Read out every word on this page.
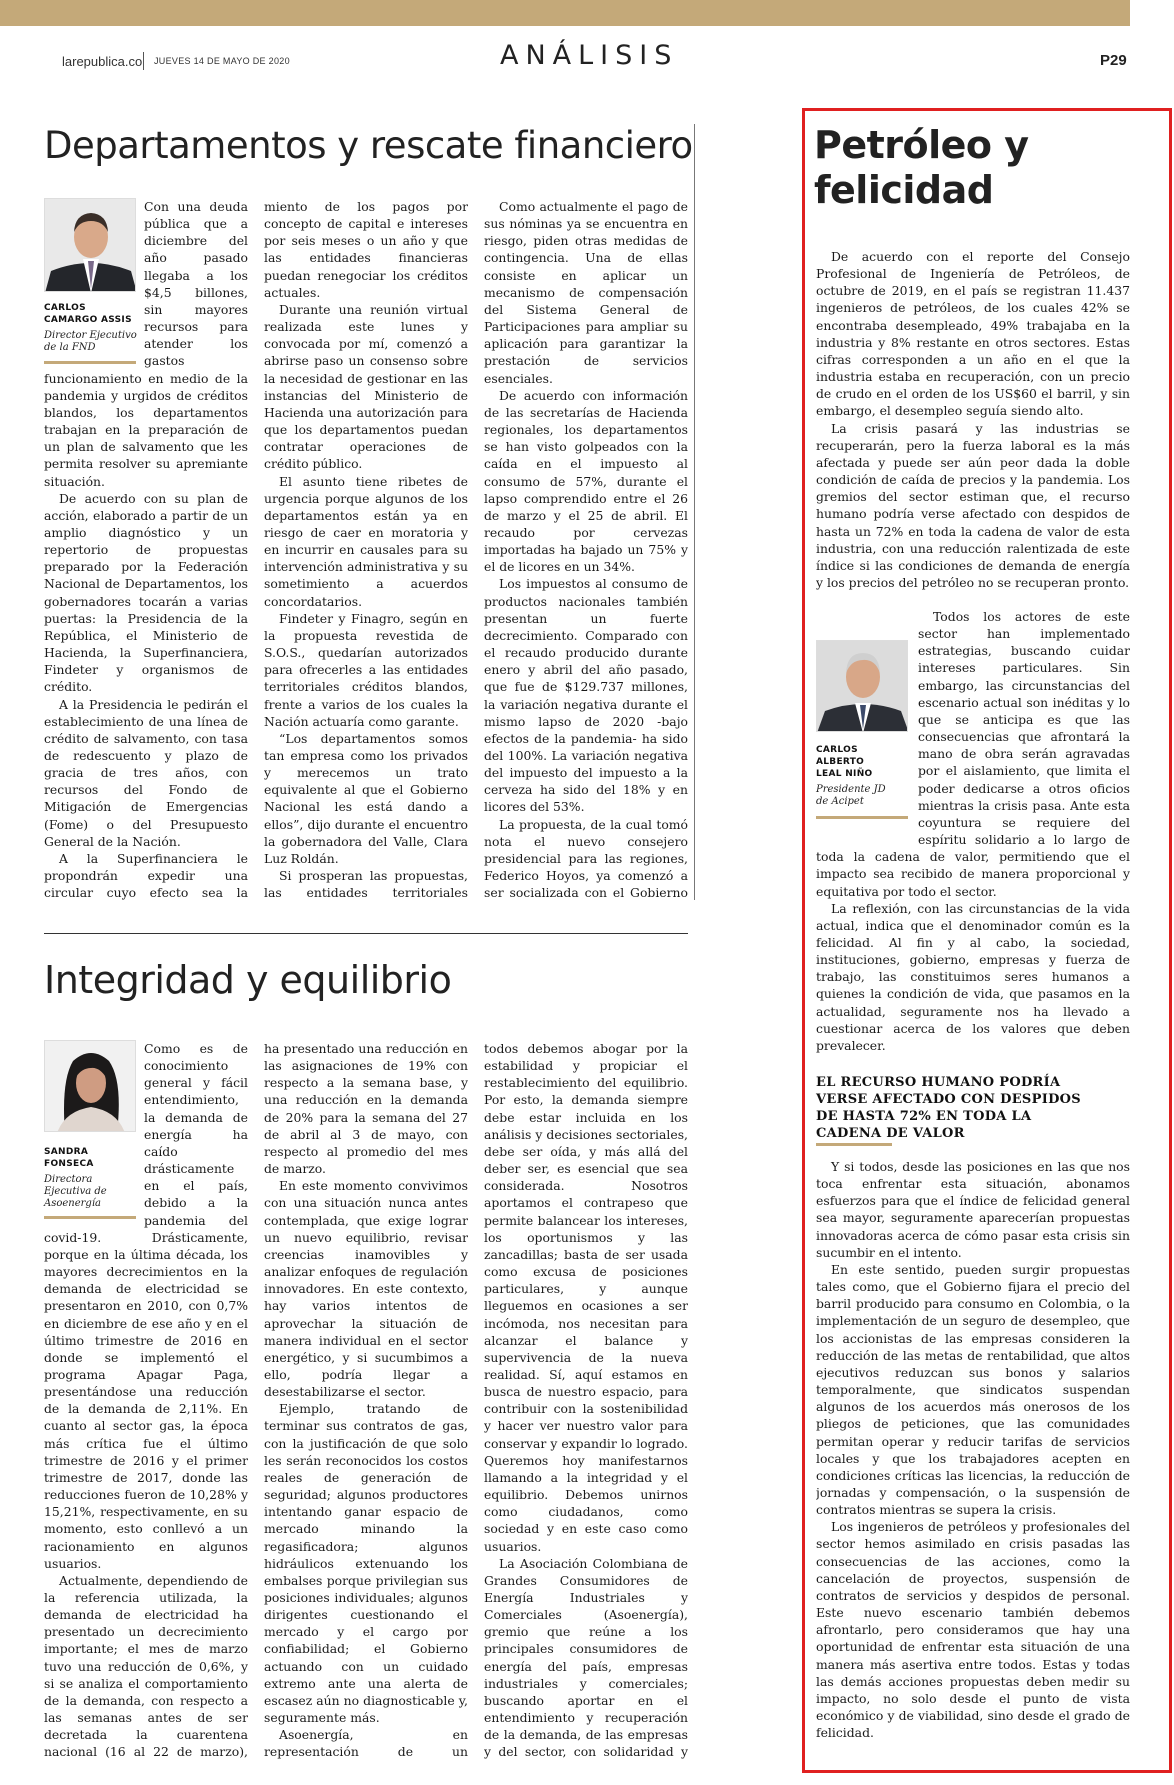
larepublica.co JUEVES 14 DE MAYO DE 2020	ANÁLISIS	P29
Departamentos y rescate financiero
CARLOS
CAMARGO ASSIS
Director Ejecutivo
de la FND

Con una deuda pública que a diciembre del año pasado llegaba a los $4,5 billones, sin mayores recursos para atender los gastos funcionamiento en medio de la pandemia y urgidos de créditos blandos, los departamentos trabajan en la preparación de un plan de salvamento que les permita resolver su apremiante situación.

De acuerdo con su plan de acción, elaborado a partir de un amplio diagnóstico y un repertorio de propuestas preparado por la Federación Nacional de Departamentos, los gobernadores tocarán a varias puertas: la Presidencia de la República, el Ministerio de Hacienda, la Superfinanciera, Findeter y organismos de crédito.

A la Presidencia le pedirán el establecimiento de una línea de crédito de salvamento, con tasa de redescuento y plazo de gracia de tres años, con recursos del Fondo de Mitigación de Emergencias (Fome) o del Presupuesto General de la Nación.

A la Superfinanciera le propondrán expedir una circular cuyo efecto sea la

miento de los pagos por concepto de capital e intereses por seis meses o un año y que las entidades financieras puedan renegociar los créditos actuales.

Durante una reunión virtual realizada este lunes y convocada por mí, comenzó a abrirse paso un consenso sobre la necesidad de gestionar en las instancias del Ministerio de Hacienda una autorización para que los departamentos puedan contratar operaciones de crédito público.

El asunto tiene ribetes de urgencia porque algunos de los departamentos están ya en riesgo de caer en moratoria y en incurrir en causales para su intervención administrativa y su sometimiento a acuerdos concordatarios.

Findeter y Finagro, según en la propuesta revestida de S.O.S., quedarían autorizados para ofrecerles a las entidades territoriales créditos blandos, frente a varios de los cuales la Nación actuaría como garante.

“Los departamentos somos tan empresa como los privados y merecemos un trato equivalente al que el Gobierno Nacional les está dando a ellos”, dijo durante el encuentro la gobernadora del Valle, Clara Luz Roldán.

Si prosperan las propuestas, las entidades territoriales

Como actualmente el pago de sus nóminas ya se encuentra en riesgo, piden otras medidas de contingencia. Una de ellas consiste en aplicar un mecanismo de compensación del Sistema General de Participaciones para ampliar su aplicación para garantizar la prestación de servicios esenciales.

De acuerdo con información de las secretarías de Hacienda regionales, los departamentos se han visto golpeados con la caída en el impuesto al consumo de 57%, durante el lapso comprendido entre el 26 de marzo y el 25 de abril. El recaudo por cervezas importadas ha bajado un 75% y el de licores en un 34%.

Los impuestos al consumo de productos nacionales también presentan un fuerte decrecimiento. Comparado con el recaudo producido durante enero y abril del año pasado, que fue de $129.737 millones, la variación negativa durante el mismo lapso de 2020 -bajo efectos de la pandemia- ha sido del 100%. La variación negativa del impuesto del impuesto a la cerveza ha sido del 18% y en licores del 53%.

La propuesta, de la cual tomó nota el nuevo consejero presidencial para las regiones, Federico Hoyos, ya comenzó a ser socializada con el Gobierno

Integridad y equilibrio
SANDRA
FONSECA
Directora
Ejecutiva de
Asoenergía

Como es de conocimiento general y fácil entendimiento, la demanda de energía ha caído drásticamente en el país, debido a la pandemia del covid-19. Drásticamente, porque en la última década, los mayores decrecimientos en la demanda de electricidad se presentaron en 2010, con 0,7% en diciembre de ese año y en el último trimestre de 2016 en donde se implementó el programa Apagar Paga, presentándose una reducción de la demanda de 2,11%. En cuanto al sector gas, la época más crítica fue el último trimestre de 2016 y el primer trimestre de 2017, donde las reducciones fueron de 10,28% y 15,21%, respectivamente, en su momento, esto conllevó a un racionamiento en algunos usuarios.

Actualmente, dependiendo de la referencia utilizada, la demanda de electricidad ha presentado un decrecimiento importante; el mes de marzo tuvo una reducción de 0,6%, y si se analiza el comportamiento de la demanda, con respecto a las semanas antes de ser decretada la cuarentena nacional (16 al 22 de marzo),

ha presentado una reducción en las asignaciones de 19% con respecto a la semana base, y una reducción en la demanda de 20% para la semana del 27 de abril al 3 de mayo, con respecto al promedio del mes de marzo.

En este momento convivimos con una situación nunca antes contemplada, que exige lograr un nuevo equilibrio, revisar creencias inamovibles y analizar enfoques de regulación innovadores. En este contexto, hay varios intentos de aprovechar la situación de manera individual en el sector energético, y si sucumbimos a ello, podría llegar a desestabilizarse el sector.

Ejemplo, tratando de terminar sus contratos de gas, con la justificación de que solo les serán reconocidos los costos reales de generación de seguridad; algunos productores intentando ganar espacio de mercado minando la regasificadora; algunos hidráulicos extenuando los embalses porque privilegian sus posiciones individuales; algunos dirigentes cuestionando el mercado y el cargo por confiabilidad; el Gobierno actuando con un cuidado extremo ante una alerta de escasez aún no diagnosticable y, seguramente más.

Asoenergía, en representación de un

todos debemos abogar por la estabilidad y propiciar el restablecimiento del equilibrio. Por esto, la demanda siempre debe estar incluida en los análisis y decisiones sectoriales, debe ser oída, y más allá del deber ser, es esencial que sea considerada. Nosotros aportamos el contrapeso que permite balancear los intereses, los oportunismos y las zancadillas; basta de ser usada como excusa de posiciones particulares, y aunque lleguemos en ocasiones a ser incómoda, nos necesitan para alcanzar el balance y supervivencia de la nueva realidad. Sí, aquí estamos en busca de nuestro espacio, para contribuir con la sostenibilidad y hacer ver nuestro valor para conservar y expandir lo logrado. Queremos hoy manifestarnos llamando a la integridad y el equilibrio. Debemos unirnos como ciudadanos, como sociedad y en este caso como usuarios.

La Asociación Colombiana de Grandes Consumidores de Energía Industriales y Comerciales (Asoenergía), gremio que reúne a los principales consumidores de energía del país, empresas industriales y comerciales; buscando aportar en el entendimiento y recuperación de la demanda, de las empresas y del sector, con solidaridad y

Petróleo y felicidad

De acuerdo con el reporte del Consejo Profesional de Ingeniería de Petróleos, de octubre de 2019, en el país se registran 11.437 ingenieros de petróleos, de los cuales 42% se encontraba desempleado, 49% trabajaba en la industria y 8% restante en otros sectores. Estas cifras corresponden a un año en el que la industria estaba en recuperación, con un precio de crudo en el orden de los US$60 el barril, y sin embargo, el desempleo seguía siendo alto.

La crisis pasará y las industrias se recuperarán, pero la fuerza laboral es la más afectada y puede ser aún peor dada la doble condición de caída de precios y la pandemia. Los gremios del sector estiman que, el recurso humano podría verse afectado con despidos de hasta un 72% en toda la cadena de valor de esta industria, con una reducción ralentizada de este índice si las condiciones de demanda de energía y los precios del petróleo no se recuperan pronto.

CARLOS
ALBERTO
LEAL NIÑO
Presidente JD
de Acipet

Todos los actores de este sector han implementado estrategias, buscando cuidar intereses particulares. Sin embargo, las circunstancias del escenario actual son inéditas y lo que se anticipa es que las consecuencias que afrontará la mano de obra serán agravadas por el aislamiento, que limita el poder dedicarse a otros oficios mientras la crisis pasa. Ante esta coyuntura se requiere del espíritu solidario a lo largo de toda la cadena de valor, permitiendo que el impacto sea recibido de manera proporcional y equitativa por todo el sector.

La reflexión, con las circunstancias de la vida actual, indica que el denominador común es la felicidad. Al fin y al cabo, la sociedad, instituciones, gobierno, empresas y fuerza de trabajo, las constituimos seres humanos a quienes la condición de vida, que pasamos en la actualidad, seguramente nos ha llevado a cuestionar acerca de los valores que deben prevalecer.

EL RECURSO HUMANO PODRÍA VERSE AFECTADO CON DESPIDOS DE HASTA 72% EN TODA LA CADENA DE VALOR

Y si todos, desde las posiciones en las que nos toca enfrentar esta situación, abonamos esfuerzos para que el índice de felicidad general sea mayor, seguramente aparecerían propuestas innovadoras acerca de cómo pasar esta crisis sin sucumbir en el intento.

En este sentido, pueden surgir propuestas tales como, que el Gobierno fijara el precio del barril producido para consumo en Colombia, o la implementación de un seguro de desempleo, que los accionistas de las empresas consideren la reducción de las metas de rentabilidad, que altos ejecutivos reduzcan sus bonos y salarios temporalmente, que sindicatos suspendan algunos de los acuerdos más onerosos de los pliegos de peticiones, que las comunidades permitan operar y reducir tarifas de servicios locales y que los trabajadores acepten en condiciones críticas las licencias, la reducción de jornadas y compensación, o la suspensión de contratos mientras se supera la crisis.

Los ingenieros de petróleos y profesionales del sector hemos asimilado en crisis pasadas las consecuencias de las acciones, como la cancelación de proyectos, suspensión de contratos de servicios y despidos de personal. Este nuevo escenario también debemos afrontarlo, pero consideramos que hay una oportunidad de enfrentar esta situación de una manera más asertiva entre todos. Estas y todas las demás acciones propuestas deben medir su impacto, no solo desde el punto de vista económico y de viabilidad, sino desde el grado de felicidad.
